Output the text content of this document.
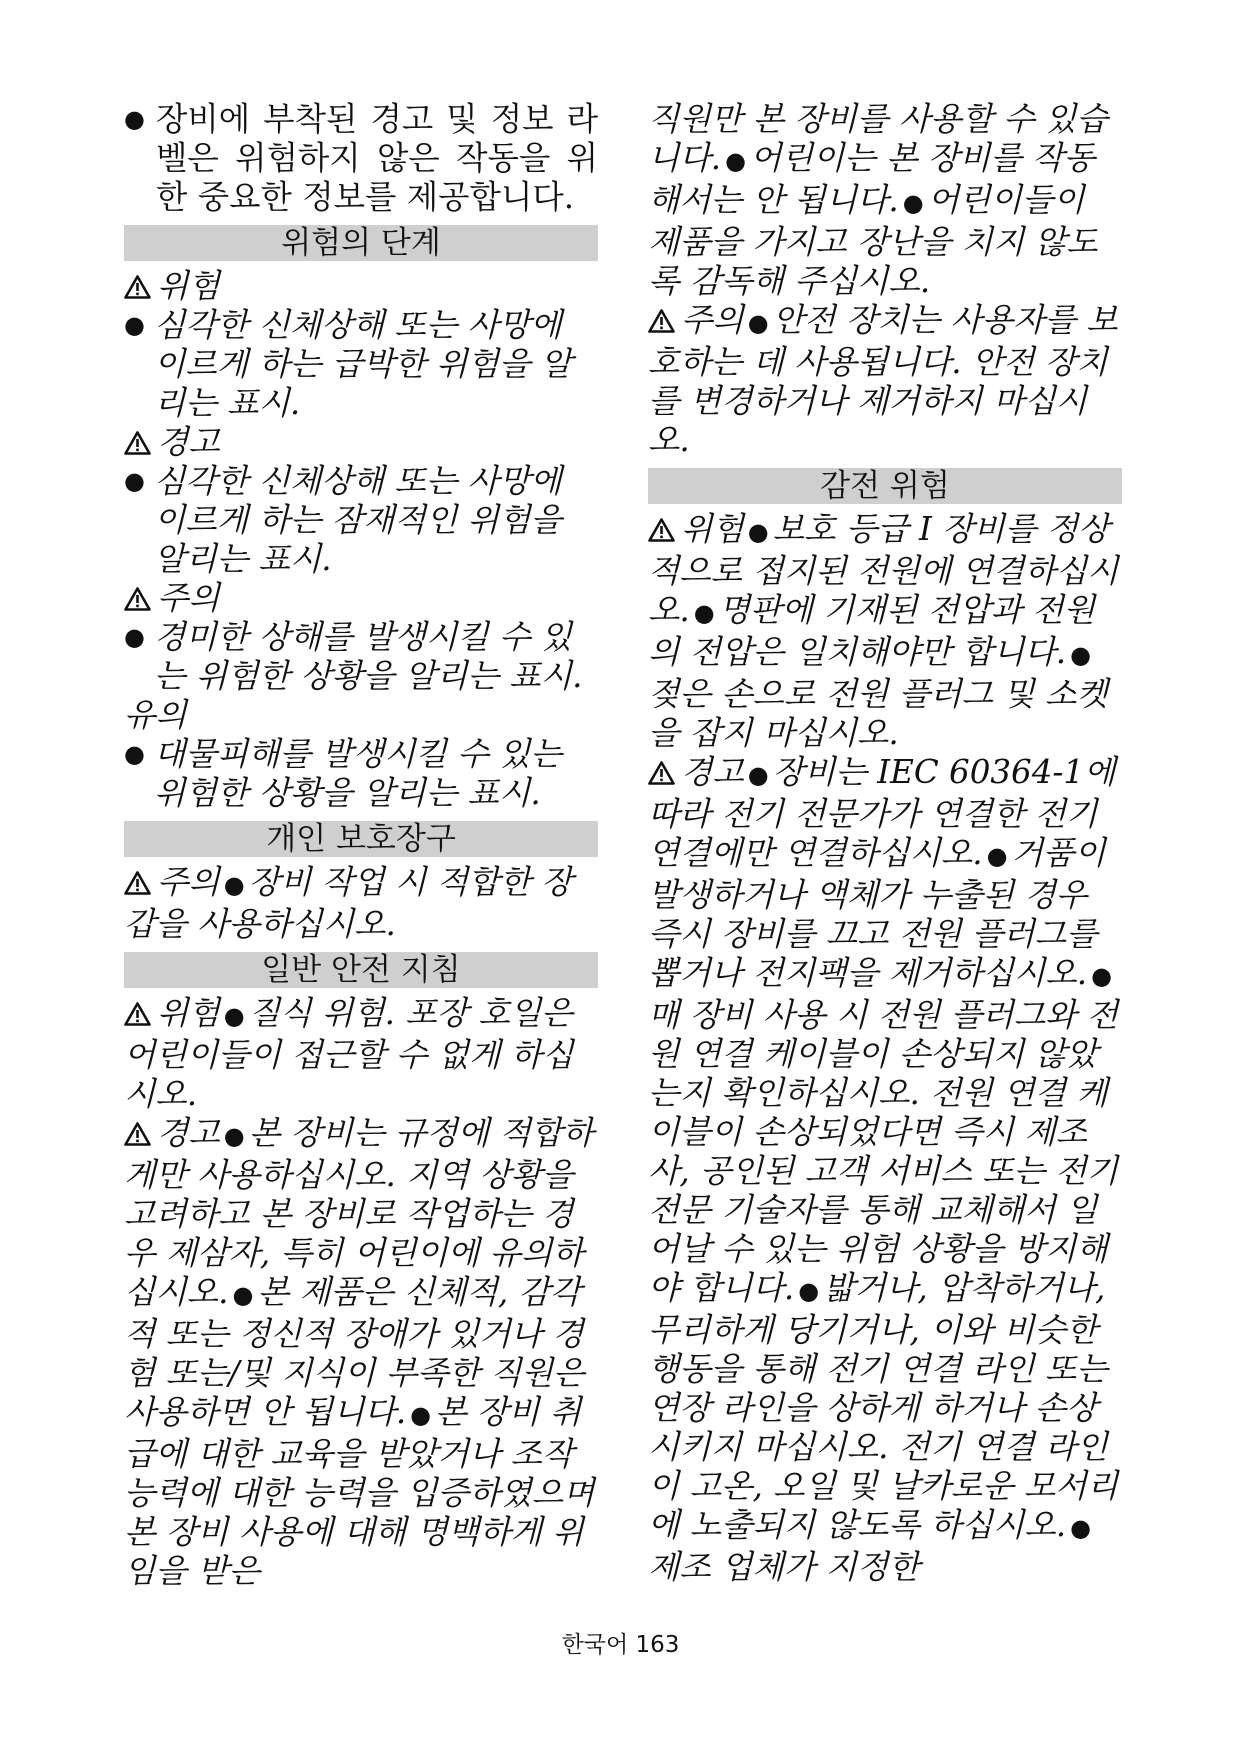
● 장비에 부착된 경고 및 정보 라벨은 위험하지 않은 작동을 위한 중요한 정보를 제공합니다.

위험의 단계

위험

● 심각한 신체상해 또는 사망에 이르게 하는 급박한 위험을 알리는 표시.

경고

● 심각한 신체상해 또는 사망에 이르게 하는 잠재적인 위험을 알리는 표시.

주의

● 경미한 상해를 발생시킬 수 있는 위험한 상황을 알리는 표시.

유의

● 대물피해를 발생시킬 수 있는 위험한 상황을 알리는 표시.

개인 보호장구

주의 ● 장비 작업 시 적합한 장갑을 사용하십시오.

일반 안전 지침

위험 ● 질식 위험. 포장 호일은 어린이들이 접근할 수 없게 하십시오.

경고 ● 본 장비는 규정에 적합하게만 사용하십시오. 지역 상황을 고려하고 본 장비로 작업하는 경우 제삼자, 특히 어린이에 유의하십시오. ● 본 제품은 신체적, 감각적 또는 정신적 장애가 있거나 경험 또는/및 지식이 부족한 직원은 사용하면 안 됩니다. ● 본 장비 취급에 대한 교육을 받았거나 조작 능력에 대한 능력을 입증하였으며 본 장비 사용에 대해 명백하게 위임을 받은

직원만 본 장비를 사용할 수 있습니다. ● 어린이는 본 장비를 작동해서는 안 됩니다. ● 어린이들이 제품을 가지고 장난을 치지 않도록 감독해 주십시오.

주의 ● 안전 장치는 사용자를 보호하는 데 사용됩니다. 안전 장치를 변경하거나 제거하지 마십시오.

감전 위험

위험 ● 보호 등급 I 장비를 정상적으로 접지된 전원에 연결하십시오. ● 명판에 기재된 전압과 전원의 전압은 일치해야만 합니다. ●젖은 손으로 전원 플러그 및 소켓을 잡지 마십시오.

경고 ● 장비는 IEC 60364-1에 따라 전기 전문가가 연결한 전기 연결에만 연결하십시오. ● 거품이 발생하거나 액체가 누출된 경우 즉시 장비를 끄고 전원 플러그를 뽑거나 전지팩을 제거하십시오. ●매 장비 사용 시 전원 플러그와 전원 연결 케이블이 손상되지 않았는지 확인하십시오. 전원 연결 케이블이 손상되었다면 즉시 제조사, 공인된 고객 서비스 또는 전기 전문 기술자를 통해 교체해서 일어날 수 있는 위험 상황을 방지해야 합니다. ● 밟거나, 압착하거나, 무리하게 당기거나, 이와 비슷한 행동을 통해 전기 연결 라인 또는 연장 라인을 상하게 하거나 손상시키지 마십시오. 전기 연결 라인이 고온, 오일 및 날카로운 모서리에 노출되지 않도록 하십시오. ●제조 업체가 지정한

한국어 163
